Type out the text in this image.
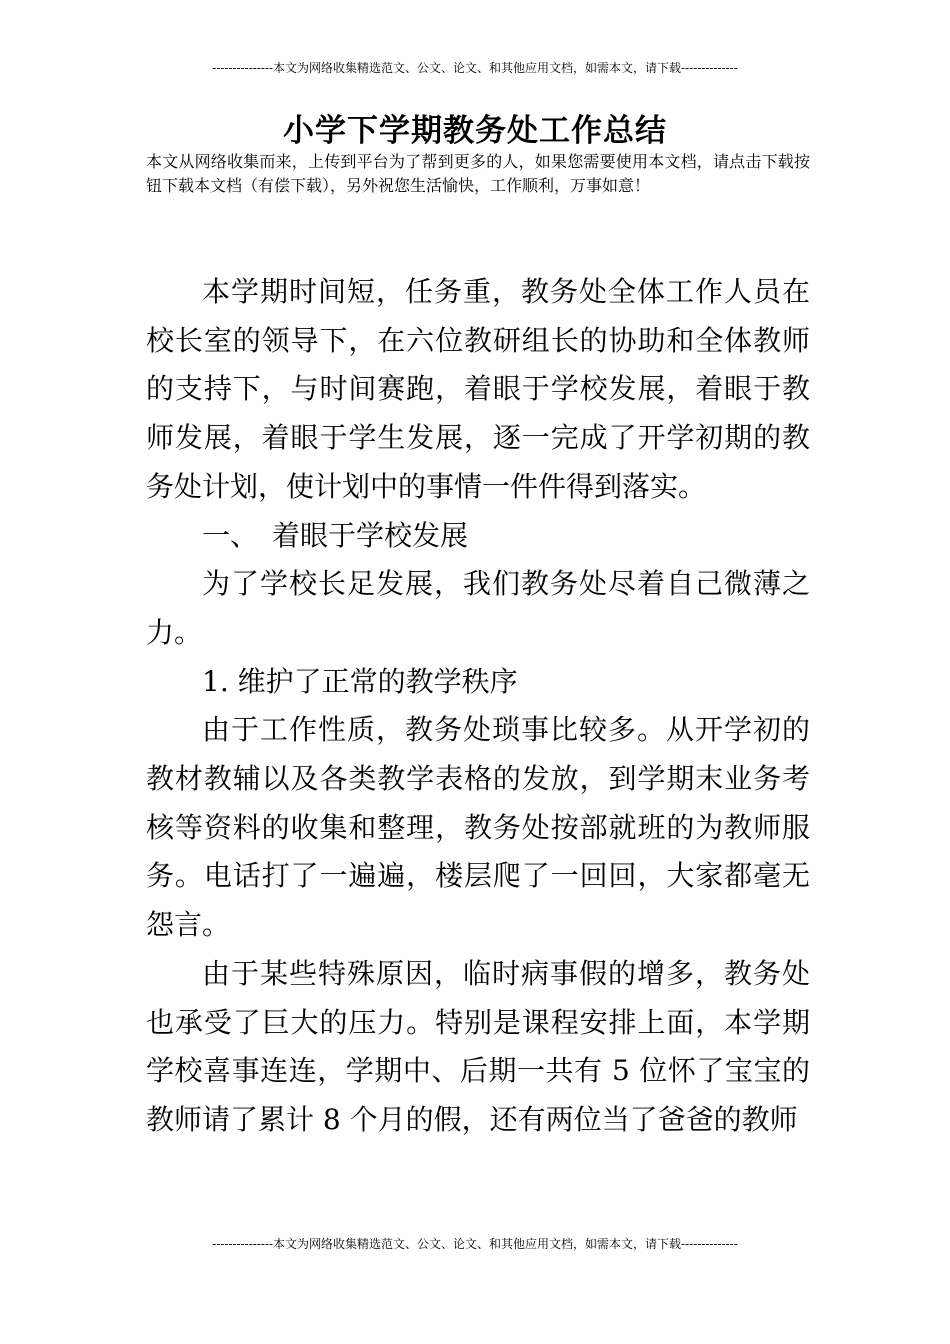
---------------本文为网络收集精选范文、公文、论文、和其他应用文档，如需本文，请下载--------------
小学下学期教务处工作总结
本文从网络收集而来，上传到平台为了帮到更多的人，如果您需要使用本文档，请点击下载按钮下载本文档（有偿下载），另外祝您生活愉快，工作顺利，万事如意！

本学期时间短，任务重，教务处全体工作人员在校长室的领导下，在六位教研组长的协助和全体教师的支持下，与时间赛跑，着眼于学校发展，着眼于教师发展，着眼于学生发展，逐一完成了开学初期的教务处计划，使计划中的事情一件件得到落实。

一、　着眼于学校发展

为了学校长足发展，我们教务处尽着自己微薄之力。

1. 维护了正常的教学秩序

由于工作性质，教务处琐事比较多。从开学初的教材教辅以及各类教学表格的发放，到学期末业务考核等资料的收集和整理，教务处按部就班的为教师服务。电话打了一遍遍，楼层爬了一回回，大家都毫无怨言。

由于某些特殊原因，临时病事假的增多，教务处也承受了巨大的压力。特别是课程安排上面，本学期学校喜事连连，学期中、后期一共有 5 位怀了宝宝的教师请了累计 8 个月的假，还有两位当了爸爸的教师

---------------本文为网络收集精选范文、公文、论文、和其他应用文档，如需本文，请下载--------------
